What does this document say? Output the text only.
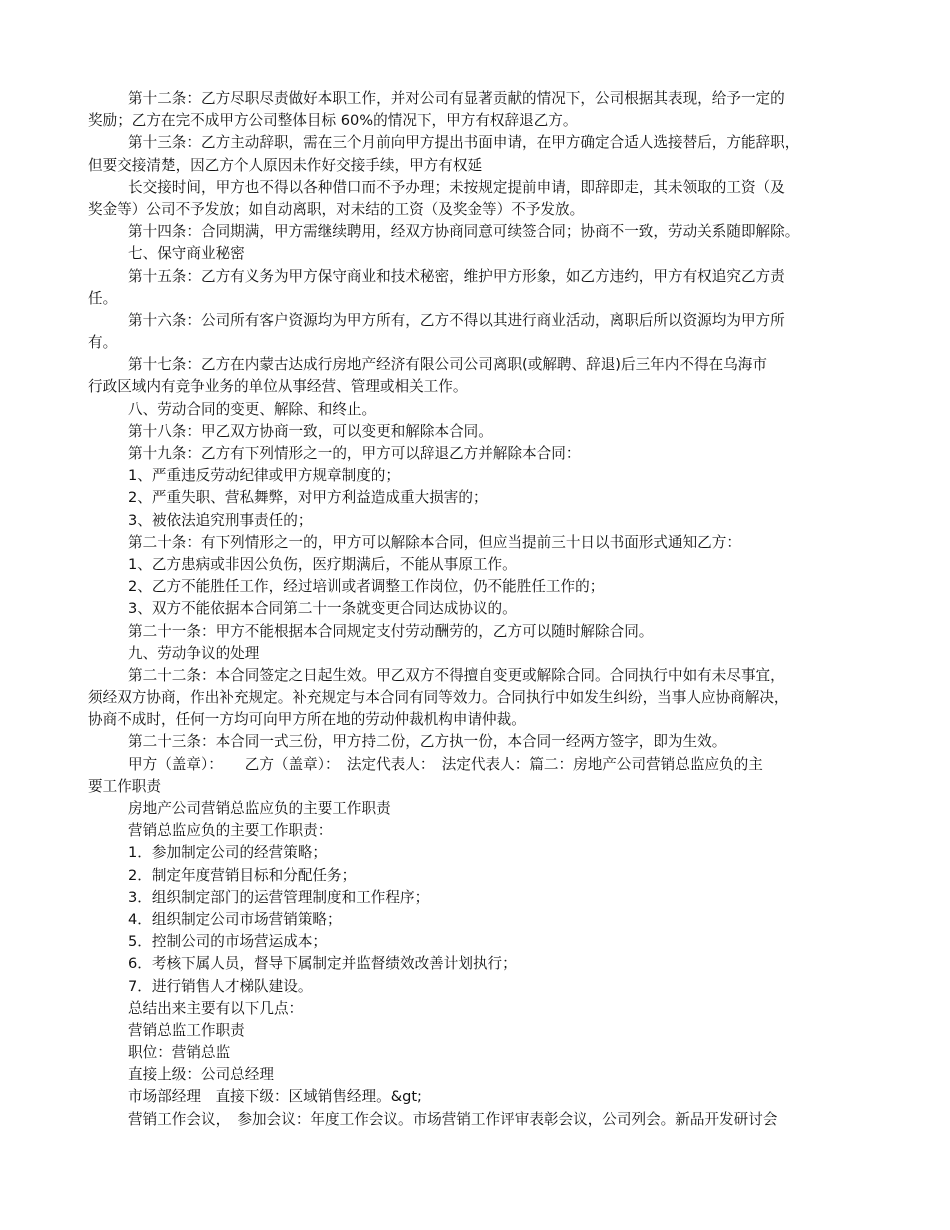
第十二条：乙方尽职尽责做好本职工作，并对公司有显著贡献的情况下，公司根据其表现，给予一定的
奖励；乙方在完不成甲方公司整体目标 60%的情况下，甲方有权辞退乙方。
第十三条：乙方主动辞职，需在三个月前向甲方提出书面申请，在甲方确定合适人选接替后，方能辞职，
但要交接清楚，因乙方个人原因未作好交接手续，甲方有权延
长交接时间，甲方也不得以各种借口而不予办理；未按规定提前申请，即辞即走，其未领取的工资（及
奖金等）公司不予发放；如自动离职，对未结的工资（及奖金等）不予发放。
第十四条：合同期满，甲方需继续聘用，经双方协商同意可续签合同；协商不一致，劳动关系随即解除。
七、保守商业秘密
第十五条：乙方有义务为甲方保守商业和技术秘密，维护甲方形象，如乙方违约，甲方有权追究乙方责
任。
第十六条：公司所有客户资源均为甲方所有，乙方不得以其进行商业活动，离职后所以资源均为甲方所
有。
第十七条：乙方在内蒙古达成行房地产经济有限公司公司离职(或解聘、辞退)后三年内不得在乌海市
行政区域内有竞争业务的单位从事经营、管理或相关工作。
八、劳动合同的变更、解除、和终止。
第十八条：甲乙双方协商一致，可以变更和解除本合同。
第十九条：乙方有下列情形之一的，甲方可以辞退乙方并解除本合同：
1、严重违反劳动纪律或甲方规章制度的；
2、严重失职、营私舞弊，对甲方利益造成重大损害的；
3、被依法追究刑事责任的；
第二十条：有下列情形之一的，甲方可以解除本合同，但应当提前三十日以书面形式通知乙方：
1、乙方患病或非因公负伤，医疗期满后，不能从事原工作。
2、乙方不能胜任工作，经过培训或者调整工作岗位，仍不能胜任工作的；
3、双方不能依据本合同第二十一条就变更合同达成协议的。
第二十一条：甲方不能根据本合同规定支付劳动酬劳的，乙方可以随时解除合同。
九、劳动争议的处理
第二十二条：本合同签定之日起生效。甲乙双方不得擅自变更或解除合同。合同执行中如有未尽事宜，
须经双方协商，作出补充规定。补充规定与本合同有同等效力。合同执行中如发生纠纷，当事人应协商解决，
协商不成时，任何一方均可向甲方所在地的劳动仲裁机构申请仲裁。
第二十三条：本合同一式三份，甲方持二份，乙方执一份，本合同一经两方签字，即为生效。
甲方（盖章）：　　乙方（盖章）：　法定代表人：　法定代表人：篇二：房地产公司营销总监应负的主
要工作职责
房地产公司营销总监应负的主要工作职责
营销总监应负的主要工作职责：
1．参加制定公司的经营策略；
2．制定年度营销目标和分配任务；
3．组织制定部门的运营管理制度和工作程序；
4．组织制定公司市场营销策略；
5．控制公司的市场营运成本；
6．考核下属人员，督导下属制定并监督绩效改善计划执行；
7．进行销售人才梯队建设。
总结出来主要有以下几点：
营销总监工作职责
职位：营销总监
直接上级：公司总经理
市场部经理　直接下级：区域销售经理。&gt;
营销工作会议，　参加会议：年度工作会议。市场营销工作评审表彰会议，公司列会。新品开发研讨会
